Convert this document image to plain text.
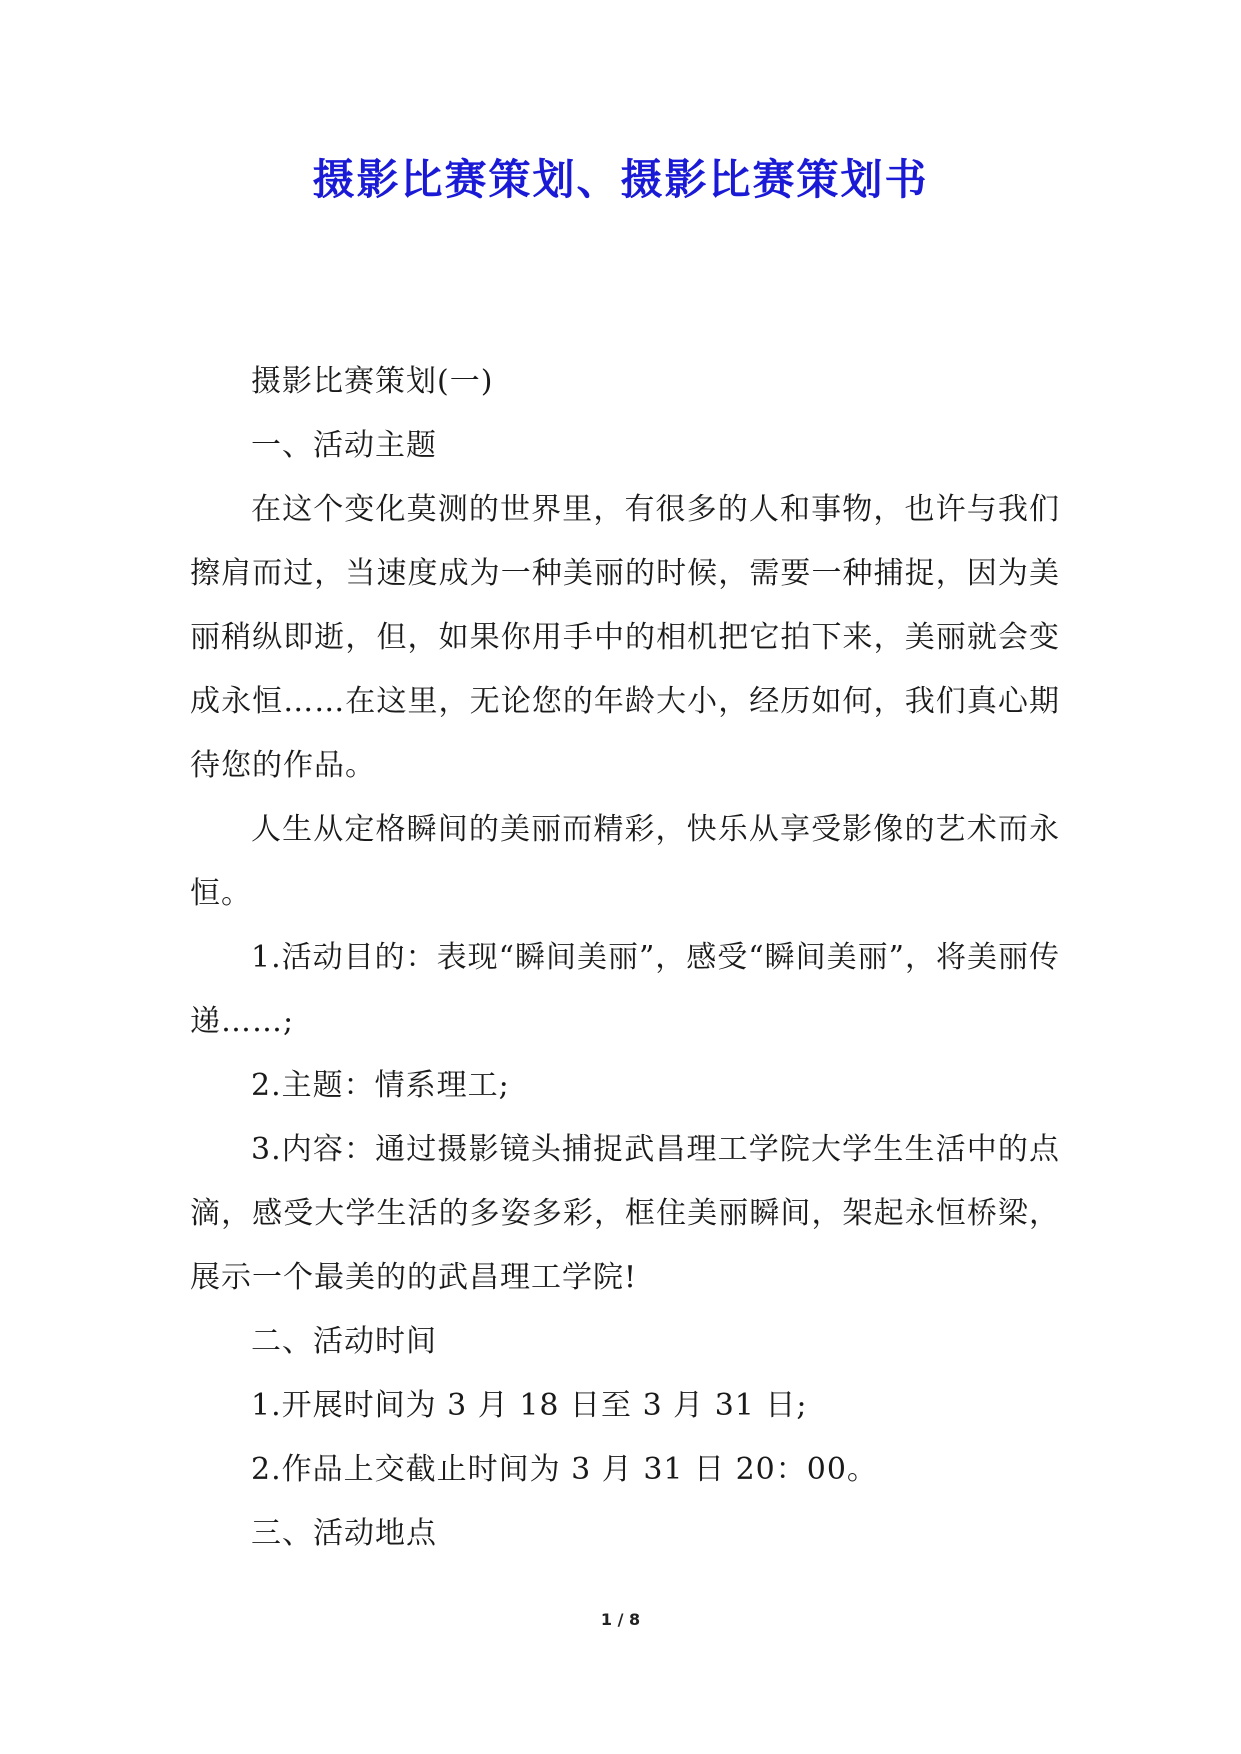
摄影比赛策划、摄影比赛策划书

摄影比赛策划(一)

一、活动主题

在这个变化莫测的世界里，有很多的人和事物，也许与我们擦肩而过，当速度成为一种美丽的时候，需要一种捕捉，因为美丽稍纵即逝，但，如果你用手中的相机把它拍下来，美丽就会变成永恒……在这里，无论您的年龄大小，经历如何，我们真心期待您的作品。

人生从定格瞬间的美丽而精彩，快乐从享受影像的艺术而永恒。

1.活动目的：表现“瞬间美丽”，感受“瞬间美丽”，将美丽传递……;

2.主题：情系理工;

3.内容：通过摄影镜头捕捉武昌理工学院大学生生活中的点滴，感受大学生活的多姿多彩，框住美丽瞬间，架起永恒桥梁，展示一个最美的的武昌理工学院!

二、活动时间

1.开展时间为 3 月 18 日至 3 月 31 日;

2.作品上交截止时间为 3 月 31 日 20：00。

三、活动地点

1 / 8
